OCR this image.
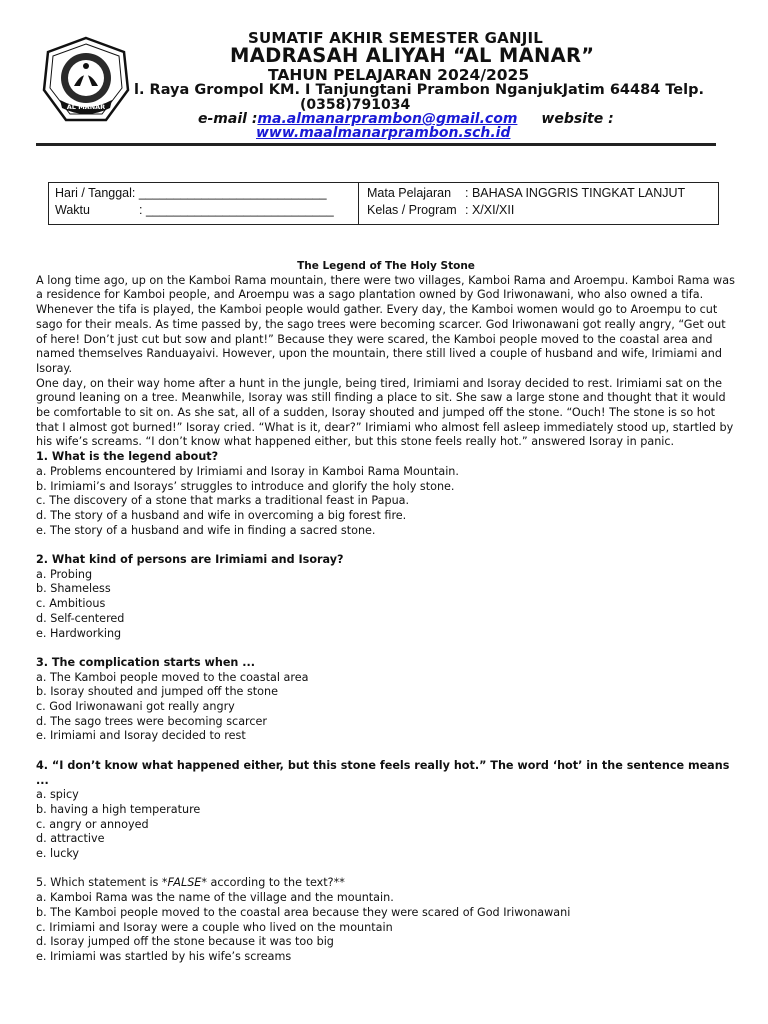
AL MANAR
SUMATIF AKHIR SEMESTER GANJIL
MADRASAH ALIYAH “AL MANAR”
TAHUN PELAJARAN 2024/2025
l. Raya Grompol KM. I Tanjungtani Prambon NganjukJatim 64484 Telp.
(0358)791034
e-mail :ma.almanarprambon@gmail.com website :
www.maalmanarprambon.sch.id
Hari / Tanggal: ___________________________
Waktu	: ___________________________
Mata Pelajaran : BAHASA INGGRIS TINGKAT LANJUT
Kelas / Program : X/XI/XII

The Legend of The Holy Stone

A long time ago, up on the Kamboi Rama mountain, there were two villages, Kamboi Rama and Aroempu. Kamboi Rama was a residence for Kamboi people, and Aroempu was a sago plantation owned by God Iriwonawani, who also owned a tifa. Whenever the tifa is played, the Kamboi people would gather. Every day, the Kamboi women would go to Aroempu to cut sago for their meals. As time passed by, the sago trees were becoming scarcer. God Iriwonawani got really angry, “Get out of here! Don’t just cut but sow and plant!” Because they were scared, the Kamboi people moved to the coastal area and named themselves Randuayaivi. However, upon the mountain, there still lived a couple of husband and wife, Irimiami and Isoray.

One day, on their way home after a hunt in the jungle, being tired, Irimiami and Isoray decided to rest. Irimiami sat on the ground leaning on a tree. Meanwhile, Isoray was still finding a place to sit. She saw a large stone and thought that it would be comfortable to sit on. As she sat, all of a sudden, Isoray shouted and jumped off the stone. “Ouch! The stone is so hot that I almost got burned!” Isoray cried. “What is it, dear?” Irimiami who almost fell asleep immediately stood up, startled by his wife’s screams. “I don’t know what happened either, but this stone feels really hot.” answered Isoray in panic.

1. What is the legend about?

a. Problems encountered by Irimiami and Isoray in Kamboi Rama Mountain.

b. Irimiami’s and Isorays’ struggles to introduce and glorify the holy stone.

c. The discovery of a stone that marks a traditional feast in Papua.

d. The story of a husband and wife in overcoming a big forest fire.

e. The story of a husband and wife in finding a sacred stone.

2. What kind of persons are Irimiami and Isoray?

a. Probing

b. Shameless

c. Ambitious

d. Self-centered

e. Hardworking

3. The complication starts when ...

a. The Kamboi people moved to the coastal area

b. Isoray shouted and jumped off the stone

c. God Iriwonawani got really angry

d. The sago trees were becoming scarcer

e. Irimiami and Isoray decided to rest

4. “I don’t know what happened either, but this stone feels really hot.” The word ‘hot’ in the sentence means ...

a. spicy

b. having a high temperature

c. angry or annoyed

d. attractive

e. lucky

5. Which statement is *FALSE* according to the text?**

a. Kamboi Rama was the name of the village and the mountain.

b. The Kamboi people moved to the coastal area because they were scared of God Iriwonawani

c. Irimiami and Isoray were a couple who lived on the mountain

d. Isoray jumped off the stone because it was too big

e. Irimiami was startled by his wife’s screams
